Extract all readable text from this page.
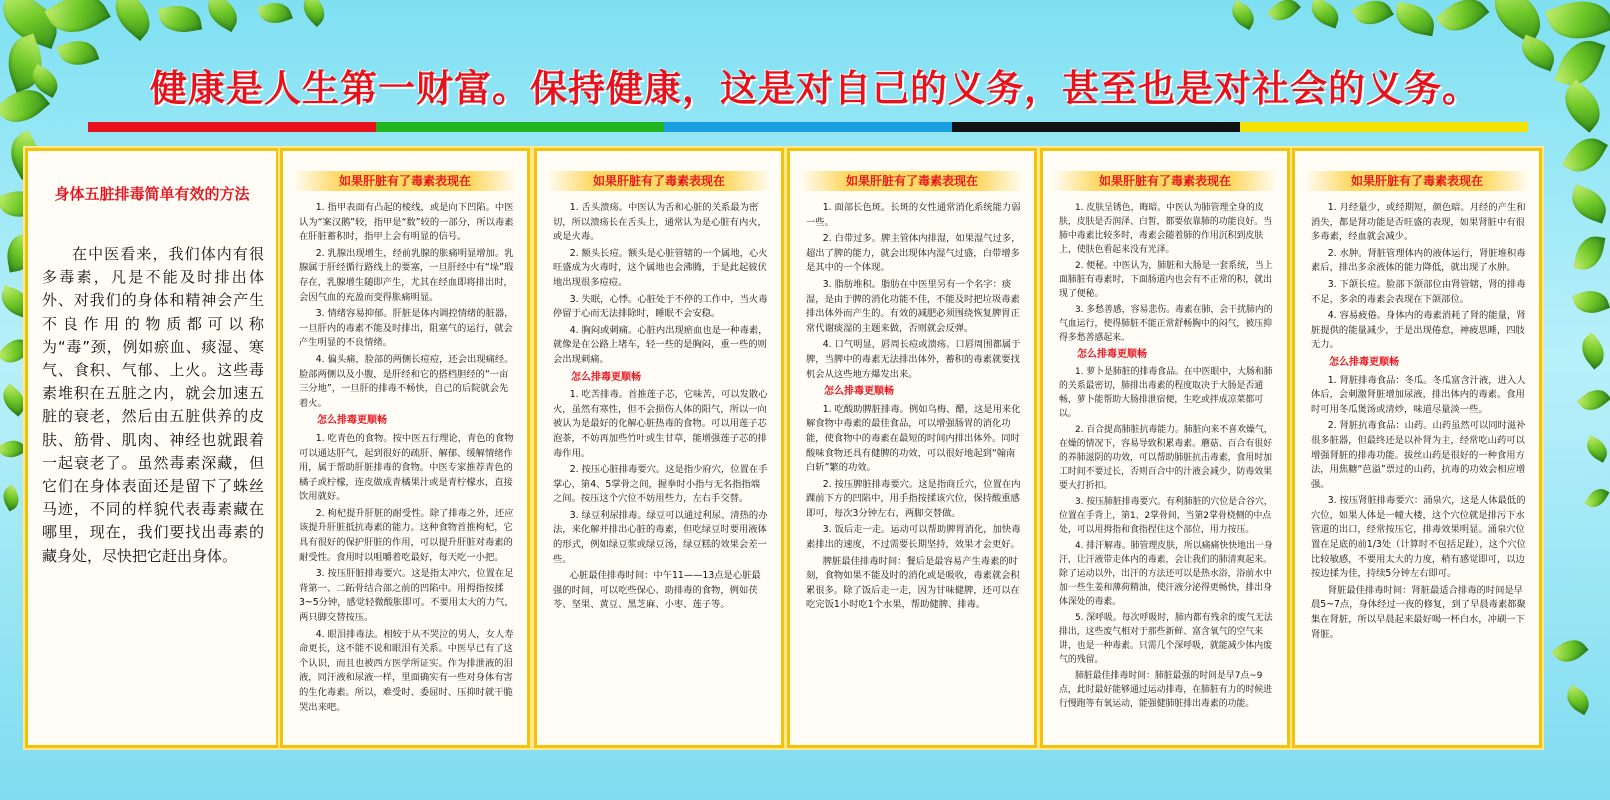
健康是人生第一财富。保持健康，这是对自己的义务，甚至也是对社会的义务。
身体五脏排毒简单有效的方法
在中医看来，我们体内有很多毒素，凡是不能及时排出体外、对我们的身体和精神会产生不良作用的物质都可以称为“毒”颈，例如瘀血、痰湿、寒气、食积、气郁、上火。这些毒素堆积在五脏之内，就会加速五脏的衰老，然后由五脏供养的皮肤、筋骨、肌肉、神经也就跟着一起衰老了。虽然毒素深藏，但它们在身体表面还是留下了蛛丝马迹，不同的样貌代表毒素藏在哪里，现在，我们要找出毒素的藏身处，尽快把它赶出身体。
如果肝脏有了毒素表现在

1. 指甲表面有凸起的棱线，或是向下凹陷。中医认为“案汉鹅”较，指甲是“数”较的一部分，所以毒素在肝脏蓄积时，指甲上会有明显的信号。

2. 乳腺出现增生，经前乳腺的胀痛明显增加。乳腺属于肝经循行路线上的要塞，一旦肝经中有“垛”瑕存在，乳腺增生随即产生，尤其在经血即将排出时，会因气血的充盈而变得胀痛明显。

3. 情绪容易抑郁。肝脏是体内调控情绪的脏器，一旦肝内的毒素不能及时排出，阻塞气的运行，就会产生明显的不良情绪。

4. 偏头痛，脸部的两侧长痘痘，还会出现痛经。脸部两侧以及小腹，是肝经和它的搭档胆经的“一亩三分地”，一旦肝的排毒不畅快，自己的后院就会先着火。

怎么排毒更顺畅

1. 吃青色的食物。按中医五行理论，青色的食物可以通达肝气，起到很好的疏肝、解郁、缓解情绪作用，属于帮助肝脏排毒的食物。中医专家推荐青色的橘子或柠檬，连皮做成青橘果汁或是青柠檬水，直接饮用就好。

2. 枸杞提升肝脏的耐受性。除了排毒之外，还应该提升肝脏抵抗毒素的能力。这种食物首推枸杞，它具有很好的保护肝脏的作用，可以提升肝脏对毒素的耐受性。食用时以咀嚼着吃最好，每天吃一小把。

3. 按压肝脏排毒要穴。这是指太冲穴，位置在足背第一、二跖骨结合部之前的凹陷中。用拇指按揉3~5分钟，感觉轻微酸胀即可。不要用太大的力气，两只脚交替按压。

4. 眼泪排毒法。相较于从不哭泣的男人，女人寿命更长，这不能不说和眼泪有关系。中医早已有了这个认识，而且也被西方医学所证实。作为排泄液的泪液，同汗液和尿液一样，里面确实有一些对身体有害的生化毒素。所以，难受时、委屈时、压抑时就干脆哭出来吧。

如果肝脏有了毒素表现在

1. 舌头溃疡。中医认为舌和心脏的关系最为密切，所以溃疡长在舌头上，通常认为是心脏有内火，或是火毒。

2. 额头长痘。额头是心脏管辖的一个属地，心火旺盛成为火毒时，这个属地也会沸腾，于是此起彼伏地出现很多痘痘。

3. 失眠，心悸。心脏处于不停的工作中，当火毒停留于心而无法排除时，睡眠不会安稳。

4. 胸闷或刺痛。心脏内出现瘀血也是一种毒素，就像是在公路上堵车，轻一些的是胸闷，重一些的则会出现刺痛。

怎么排毒更顺畅

1. 吃苦排毒。首推莲子芯，它味苦，可以发散心火，虽然有寒性，但不会损伤人体的阳气，所以一向被认为是最好的化解心脏热毒的食物。可以用莲子芯泡茶，不妨再加些竹叶或生甘草，能增强莲子芯的排毒作用。

2. 按压心脏排毒要穴。这是指少府穴，位置在手掌心，第4、5掌骨之间，握拳时小指与无名指指端之间。按压这个穴位不妨用些力，左右手交替。

3. 绿豆利尿排毒。绿豆可以通过利尿、清热的办法，来化解并排出心脏的毒素，但吃绿豆时要用液体的形式，例如绿豆浆或绿豆汤，绿豆糕的效果会差一些。

心脏最佳排毒时间：中午11——13点是心脏最强的时间，可以吃些保心、助排毒的食物，例如茯苓、坚果、黄豆、黑芝麻、小枣、莲子等。

如果肝脏有了毒素表现在

1. 面部长色斑。长斑的女性通常消化系统能力弱一些。

2. 白带过多。脾主管体内排湿，如果湿气过多，超出了脾的能力，就会出现体内湿气过盛，白带增多是其中的一个体现。

3. 脂肪堆积。脂肪在中医里另有一个名字：痰湿，是由于脾的消化功能不佳，不能及时把垃圾毒素排出体外而产生的。有效的减肥必须围绕恢复脾胃正常代谢痰湿的主题来做，否则就会反弹。

4. 口气明显，唇周长痘或溃疡。口唇周围都属于脾，当脾中的毒素无法排出体外，蓄积的毒素就要找机会从这些地方爆发出来。

怎么排毒更顺畅

1. 吃酸助脾脏排毒。例如乌梅、醋，这是用来化解食物中毒素的最佳食品，可以增强肠胃的消化功能，使食物中的毒素在最短的时间内排出体外。同时酸味食物还具有健脾的功效，可以很好地起到“翰南白斩”繁的功效。

2. 按压脾脏排毒要穴。这是指商丘穴，位置在内踝前下方的凹陷中，用手指按揉该穴位，保持酸重感即可，每次3分钟左右，两脚交替做。

3. 饭后走一走。运动可以帮助脾胃消化，加快毒素排出的速度，不过需要长期坚持，效果才会更好。

脾脏最佳排毒时间：餐后是最容易产生毒素的时刻，食物如果不能及时的消化或是吸收，毒素就会积累很多。除了饭后走一走，因为甘味健脾，还可以在吃完饭1小时吃1个水果，帮助健脾、排毒。

如果肝脏有了毒素表现在

1. 皮肤呈锈色，晦暗。中医认为肺管理全身的皮肤，皮肤是否润泽、白皙，都要依靠肺的功能良好。当肺中毒素比较多时，毒素会随着肺的作用沉积到皮肤上，使肤色看起来没有光泽。

2. 便秘。中医认为，肺脏和大肠是一套系统，当上面肺脏有毒素时，下面肠道内也会有不正常的积，就出现了便秘。

3. 多愁善感，容易悲伤。毒素在肺，会干扰肺内的气血运行，使得肺脏不能正常舒畅胸中的闷气，被压抑得多愁善感起来。

怎么排毒更顺畅

1. 萝卜是肺脏的排毒食品。在中医眼中，大肠和肺的关系最密切，肺排出毒素的程度取决于大肠是否通畅，萝卜能帮助大肠排泄宿便，生吃或拌成凉菜都可以。

2. 百合提高肺脏抗毒能力。肺脏向来不喜欢燥气，在燥的情况下，容易导致积累毒素。蘑菇、百合有很好的养肺滋阴的功效，可以帮助肺脏抗击毒素，食用时加工时间不要过长，否则百合中的汁液会减少，防毒效果要大打折扣。

3. 按压肺脏排毒要穴。有利肺脏的穴位是合谷穴，位置在手背上，第1、2掌骨间，当第2掌骨桡侧的中点处，可以用拇指和食指捏住这个部位，用力按压。

4. 排汗解毒。肺管理皮肤，所以痛痛快快地出一身汗，让汗液带走体内的毒素，会让我们的肺清爽起来。除了运动以外，出汗的方法还可以是热水浴，浴前水中加一些生姜和薄荷精油，使汗液分泌得更畅快，排出身体深处的毒素。

5. 深呼吸。每次呼吸时，肺内都有残余的废气无法排出，这些废气相对于那些新鲜、富含氧气的空气来讲，也是一种毒素。只需几个深呼吸，就能减少体内废气的残留。

肺脏最佳排毒时间：肺脏最强的时间是早7点~9点，此时最好能够通过运动排毒，在肺脏有力的时候进行慢跑等有氧运动，能强健肺脏排出毒素的功能。

如果肝脏有了毒素表现在

1. 月经量少，或经期短，颜色暗。月经的产生和消失，都是肾功能是否旺盛的表现，如果肾脏中有很多毒素，经血就会减少。

2. 水肿。肾脏管理体内的液体运行，肾脏堆积毒素后，排出多余液体的能力降低，就出现了水肿。

3. 下颌长痘。脸部下颌部位由肾管辖，肾的排毒不足，多余的毒素会表现在下颌部位。

4. 容易疲倦。身体内的毒素消耗了肾的能量，肾脏提供的能量减少，于是出现倦怠，神疲思睡，四肢无力。

怎么排毒更顺畅

1. 肾脏排毒食品：冬瓜。冬瓜富含汁液，进入人体后，会刺激肾脏增加尿液，排出体内的毒素。食用时可用冬瓜煲汤或清炒，味道尽量淡一些。

2. 肾脏抗毒食品：山药。山药虽然可以同时滋补很多脏器，但最终还是以补肾为主，经常吃山药可以增强肾脏的排毒功能。拔丝山药是很好的一种食用方法，用焦糖“芭溢”票过的山药，抗毒的功效会相应增强。

3. 按压肾脏排毒要穴：涌泉穴，这是人体最低的穴位，如果人体是一幢大楼，这个穴位就是排污下水管道的出口，经常按压它，排毒效果明显。涌泉穴位置在足底的前1/3处（计算时不包括足趾），这个穴位比较敏感，不要用太大的力度，稍有感觉即可，以边按边揉为佳，持续5分钟左右即可。

肾脏最佳排毒时间：肾脏最适合排毒的时间是早晨5~7点，身体经过一夜的修复，到了早晨毒素都聚集在肾脏，所以早晨起来最好喝一杯白水，冲刷一下肾脏。
